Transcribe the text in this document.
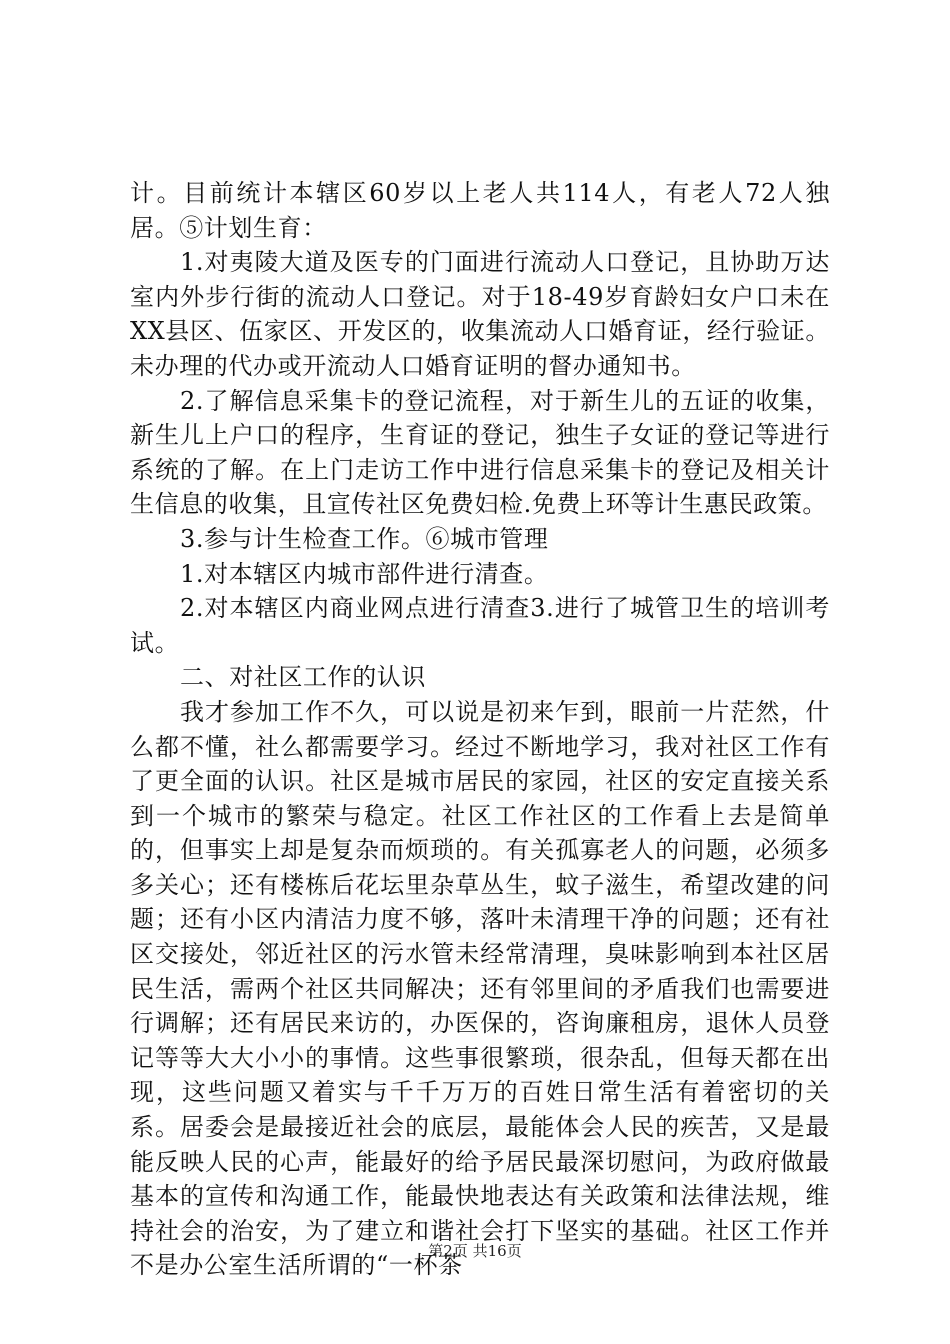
计。目前统计本辖区60岁以上老人共114人，有老人72人独居。⑤计划生育：

1.对夷陵大道及医专的门面进行流动人口登记，且协助万达室内外步行街的流动人口登记。对于18-49岁育龄妇女户口未在XX县区、伍家区、开发区的，收集流动人口婚育证，经行验证。未办理的代办或开流动人口婚育证明的督办通知书。

2.了解信息采集卡的登记流程，对于新生儿的五证的收集，新生儿上户口的程序，生育证的登记，独生子女证的登记等进行系统的了解。在上门走访工作中进行信息采集卡的登记及相关计生信息的收集，且宣传社区免费妇检.免费上环等计生惠民政策。

3.参与计生检查工作。⑥城市管理

1.对本辖区内城市部件进行清查。

2.对本辖区内商业网点进行清查3.进行了城管卫生的培训考试。

二、对社区工作的认识

我才参加工作不久，可以说是初来乍到，眼前一片茫然，什么都不懂，社么都需要学习。经过不断地学习，我对社区工作有了更全面的认识。社区是城市居民的家园，社区的安定直接关系到一个城市的繁荣与稳定。社区工作社区的工作看上去是简单的，但事实上却是复杂而烦琐的。有关孤寡老人的问题，必须多多关心；还有楼栋后花坛里杂草丛生，蚊子滋生，希望改建的问题；还有小区内清洁力度不够，落叶未清理干净的问题；还有社区交接处，邻近社区的污水管未经常清理，臭味影响到本社区居民生活，需两个社区共同解决；还有邻里间的矛盾我们也需要进行调解；还有居民来访的，办医保的，咨询廉租房，退休人员登记等等大大小小的事情。这些事很繁琐，很杂乱，但每天都在出现，这些问题又着实与千千万万的百姓日常生活有着密切的关系。居委会是最接近社会的底层，最能体会人民的疾苦，又是最能反映人民的心声，能最好的给予居民最深切慰问，为政府做最基本的宣传和沟通工作，能最快地表达有关政策和法律法规，维持社会的治安，为了建立和谐社会打下坚实的基础。社区工作并不是办公室生活所谓的“一杯茶

第2页 共16页
